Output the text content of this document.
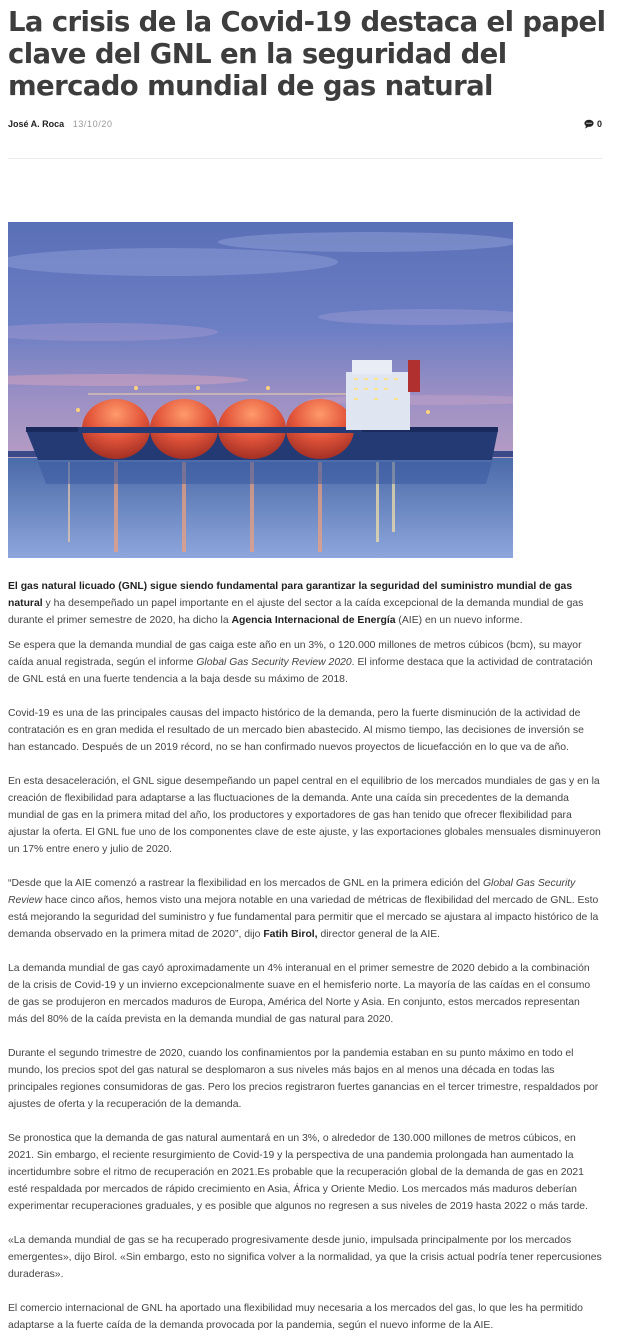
La crisis de la Covid-19 destaca el papel clave del GNL en la seguridad del mercado mundial de gas natural
José A. Roca 13/10/20	0

El gas natural licuado (GNL) sigue siendo fundamental para garantizar la seguridad del suministro mundial de gas natural y ha desempeñado un papel importante en el ajuste del sector a la caída excepcional de la demanda mundial de gas durante el primer semestre de 2020, ha dicho la Agencia Internacional de Energía (AIE) en un nuevo informe.

Se espera que la demanda mundial de gas caiga este año en un 3%, o 120.000 millones de metros cúbicos (bcm), su mayor caída anual registrada, según el informe Global Gas Security Review 2020. El informe destaca que la actividad de contratación de GNL está en una fuerte tendencia a la baja desde su máximo de 2018.

Covid-19 es una de las principales causas del impacto histórico de la demanda, pero la fuerte disminución de la actividad de contratación es en gran medida el resultado de un mercado bien abastecido. Al mismo tiempo, las decisiones de inversión se han estancado. Después de un 2019 récord, no se han confirmado nuevos proyectos de licuefacción en lo que va de año.

En esta desaceleración, el GNL sigue desempeñando un papel central en el equilibrio de los mercados mundiales de gas y en la creación de flexibilidad para adaptarse a las fluctuaciones de la demanda. Ante una caída sin precedentes de la demanda mundial de gas en la primera mitad del año, los productores y exportadores de gas han tenido que ofrecer flexibilidad para ajustar la oferta. El GNL fue uno de los componentes clave de este ajuste, y las exportaciones globales mensuales disminuyeron un 17% entre enero y julio de 2020.

“Desde que la AIE comenzó a rastrear la flexibilidad en los mercados de GNL en la primera edición del Global Gas Security Review hace cinco años, hemos visto una mejora notable en una variedad de métricas de flexibilidad del mercado de GNL. Esto está mejorando la seguridad del suministro y fue fundamental para permitir que el mercado se ajustara al impacto histórico de la demanda observado en la primera mitad de 2020”, dijo Fatih Birol, director general de la AIE.

La demanda mundial de gas cayó aproximadamente un 4% interanual en el primer semestre de 2020 debido a la combinación de la crisis de Covid-19 y un invierno excepcionalmente suave en el hemisferio norte. La mayoría de las caídas en el consumo de gas se produjeron en mercados maduros de Europa, América del Norte y Asia. En conjunto, estos mercados representan más del 80% de la caída prevista en la demanda mundial de gas natural para 2020.

Durante el segundo trimestre de 2020, cuando los confinamientos por la pandemia estaban en su punto máximo en todo el mundo, los precios spot del gas natural se desplomaron a sus niveles más bajos en al menos una década en todas las principales regiones consumidoras de gas. Pero los precios registraron fuertes ganancias en el tercer trimestre, respaldados por ajustes de oferta y la recuperación de la demanda.

Se pronostica que la demanda de gas natural aumentará en un 3%, o alrededor de 130.000 millones de metros cúbicos, en 2021. Sin embargo, el reciente resurgimiento de Covid-19 y la perspectiva de una pandemia prolongada han aumentado la incertidumbre sobre el ritmo de recuperación en 2021.Es probable que la recuperación global de la demanda de gas en 2021 esté respaldada por mercados de rápido crecimiento en Asia, África y Oriente Medio. Los mercados más maduros deberían experimentar recuperaciones graduales, y es posible que algunos no regresen a sus niveles de 2019 hasta 2022 o más tarde.

«La demanda mundial de gas se ha recuperado progresivamente desde junio, impulsada principalmente por los mercados emergentes», dijo Birol. «Sin embargo, esto no significa volver a la normalidad, ya que la crisis actual podría tener repercusiones duraderas».

El comercio internacional de GNL ha aportado una flexibilidad muy necesaria a los mercados del gas, lo que les ha permitido adaptarse a la fuerte caída de la demanda provocada por la pandemia, según el nuevo informe de la AIE.
